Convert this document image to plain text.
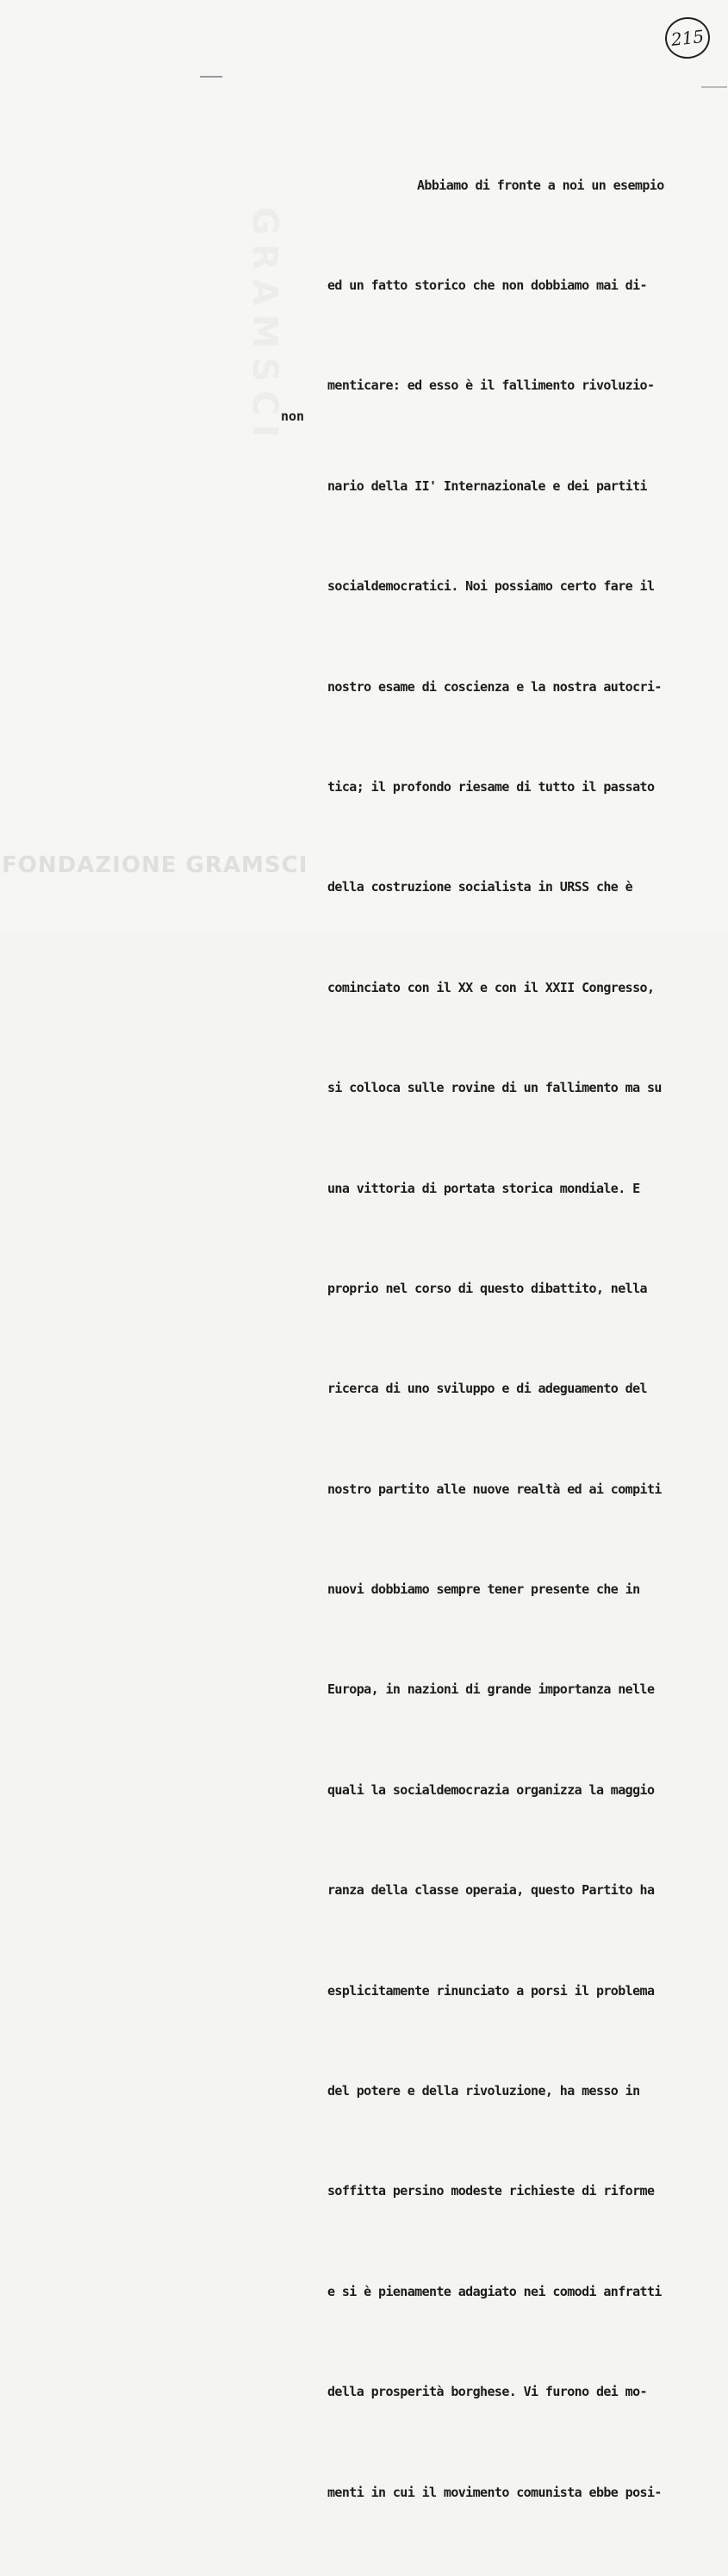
GRAMSCI
215
non

Abbiamo di fronte a noi un esempio

ed un fatto storico che non dobbiamo mai di-

menticare: ed esso è il fallimento rivoluzio-

nario della II' Internazionale e dei partiti

socialdemocratici. Noi possiamo certo fare il

nostro esame di coscienza e la nostra autocri-

tica; il profondo riesame di tutto il passato

della costruzione socialista in URSS che è

cominciato con il XX e con il XXII Congresso,

si colloca sulle rovine di un fallimento ma su

una vittoria di portata storica mondiale. E

proprio nel corso di questo dibattito, nella

ricerca di uno sviluppo e di adeguamento del

nostro partito alle nuove realtà ed ai compiti

nuovi dobbiamo sempre tener presente che in

Europa, in nazioni di grande importanza nelle

quali la socialdemocrazia organizza la maggio

ranza della classe operaia, questo Partito ha

esplicitamente rinunciato a porsi il problema

del potere e della rivoluzione, ha messo in

soffitta persino modeste richieste di riforme

e si è pienamente adagiato nei comodi anfratti

della prosperità borghese. Vi furono dei mo-

menti in cui il movimento comunista ebbe posi-

FONDAZIONE GRAMSCI
